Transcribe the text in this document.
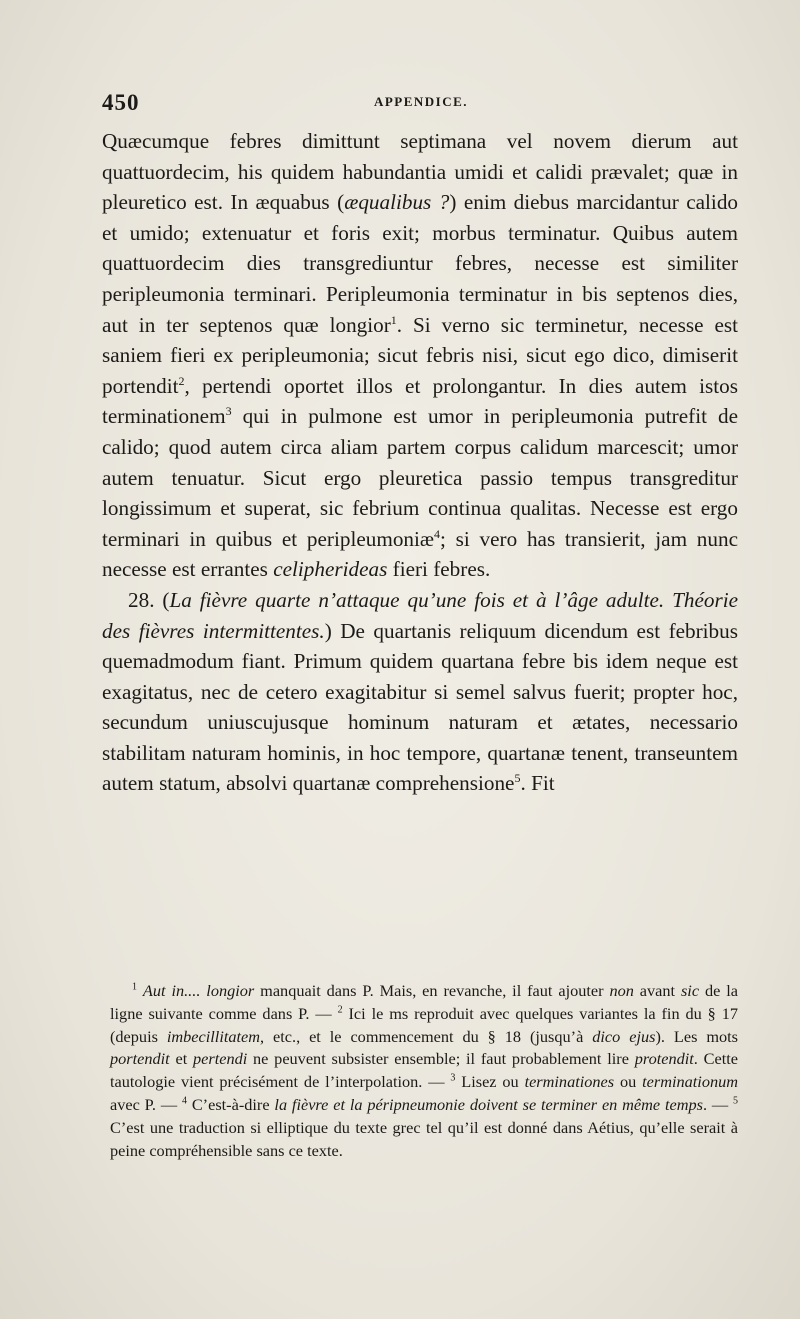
450	APPENDICE.

Quæcumque febres dimittunt septimana vel novem dierum aut quattuordecim, his quidem habundantia umidi et calidi prævalet; quæ in pleuretico est. In æquabus (æqualibus ?) enim diebus marcidantur calido et umido; extenuatur et foris exit; morbus terminatur. Quibus autem quattuordecim dies transgrediuntur febres, necesse est similiter peripleumonia terminari. Peripleumonia terminatur in bis septenos dies, aut in ter septenos quæ longior$^1$. Si verno sic terminetur, necesse est saniem fieri ex peripleumonia; sicut febris nisi, sicut ego dico, dimiserit portendit$^2$, pertendi oportet illos et prolongantur. In dies autem istos terminationem$^3$ qui in pulmone est umor in peripleumonia putrefit de calido; quod autem circa aliam partem corpus calidum marcescit; umor autem tenuatur. Sicut ergo pleuretica passio tempus transgreditur longissimum et superat, sic febrium continua qualitas. Necesse est ergo terminari in quibus et peripleumoniæ$^4$; si vero has transierit, jam nunc necesse est errantes celipherideas fieri febres.

28. (La fièvre quarte n’attaque qu’une fois et à l’âge adulte. Théorie des fièvres intermittentes.) De quartanis reliquum dicendum est febribus quemadmodum fiant. Primum quidem quartana febre bis idem neque est exagitatus, nec de cetero exagitabitur si semel salvus fuerit; propter hoc, secundum uniuscujusque hominum naturam et ætates, necessario stabilitam naturam hominis, in hoc tempore, quartanæ tenent, transeuntem autem statum, absolvi quartanæ comprehensione$^5$. Fit

$^1$ Aut in.... longior manquait dans P. Mais, en revanche, il faut ajouter non avant sic de la ligne suivante comme dans P. — $^2$ Ici le ms reproduit avec quelques variantes la fin du § 17 (depuis imbecillitatem, etc., et le commencement du § 18 (jusqu’à dico ejus). Les mots portendit et pertendi ne peuvent subsister ensemble; il faut probablement lire protendit. Cette tautologie vient précisément de l’interpolation. — $^3$ Lisez ou terminationes ou terminationum avec P. — $^4$ C’est-à-dire la fièvre et la péripneumonie doivent se terminer en même temps. — $^5$ C’est une traduction si elliptique du texte grec tel qu’il est donné dans Aétius, qu’elle serait à peine compréhensible sans ce texte.
